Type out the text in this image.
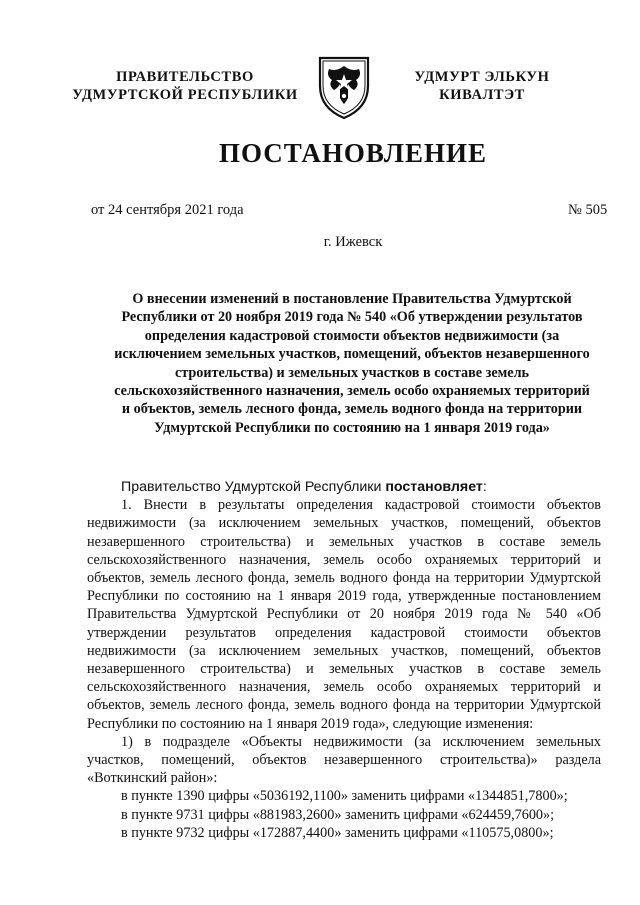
ПРАВИТЕЛЬСТВО
УДМУРТСКОЙ РЕСПУБЛИКИ
УДМУРТ ЭЛЬКУН
КИВАЛТЭТ
ПОСТАНОВЛЕНИЕ
от 24 сентября 2021 года	№ 505
г. Ижевск
О внесении изменений в постановление Правительства Удмуртской Республики от 20 ноября 2019 года № 540 «Об утверждении результатов определения кадастровой стоимости объектов недвижимости (за исключением земельных участков, помещений, объектов незавершенного строительства) и земельных участков в составе земель сельскохозяйственного назначения, земель особо охраняемых территорий и объектов, земель лесного фонда, земель водного фонда на территории Удмуртской Республики по состоянию на 1 января 2019 года»

Правительство Удмуртской Республики постановляет:

1. Внести в результаты определения кадастровой стоимости объектов недвижимости (за исключением земельных участков, помещений, объектов незавершенного строительства) и земельных участков в составе земель сельскохозяйственного назначения, земель особо охраняемых территорий и объектов, земель лесного фонда, земель водного фонда на территории Удмуртской Республики по состоянию на 1 января 2019 года, утвержденные постановлением Правительства Удмуртской Республики от 20 ноября 2019 года № 540 «Об утверждении результатов определения кадастровой стоимости объектов недвижимости (за исключением земельных участков, помещений, объектов незавершенного строительства) и земельных участков в составе земель сельскохозяйственного назначения, земель особо охраняемых территорий и объектов, земель лесного фонда, земель водного фонда на территории Удмуртской Республики по состоянию на 1 января 2019 года», следующие изменения:

1) в подразделе «Объекты недвижимости (за исключением земельных участков, помещений, объектов незавершенного строительства)» раздела «Воткинский район»:

в пункте 1390 цифры «5036192,1100» заменить цифрами «1344851,7800»;

в пункте 9731 цифры «881983,2600» заменить цифрами «624459,7600»;

в пункте 9732 цифры «172887,4400» заменить цифрами «110575,0800»;
